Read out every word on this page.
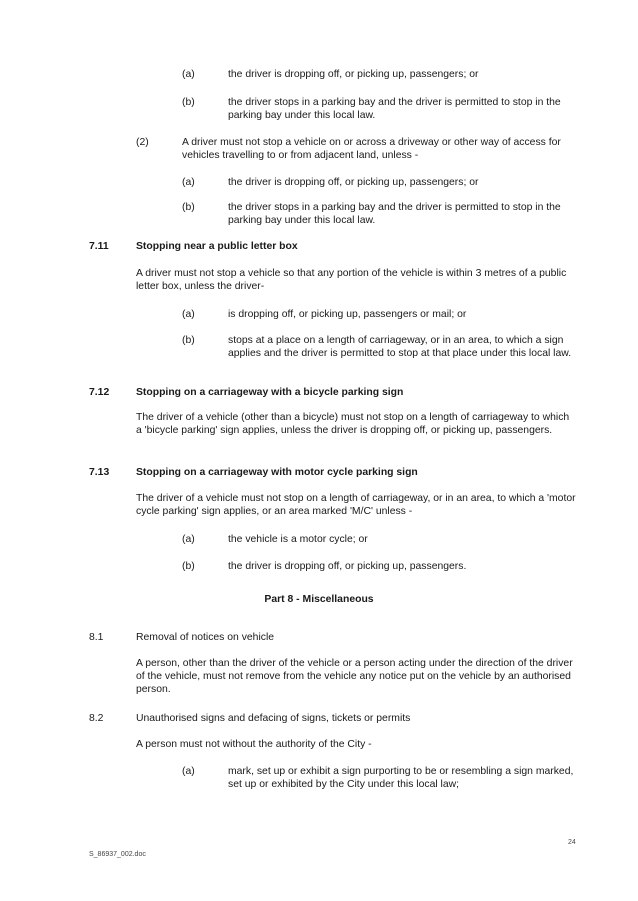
(a)	the driver is dropping off, or picking up, passengers; or
(b)	the driver stops in a parking bay and the driver is permitted to stop in the parking bay under this local law.
(2)	A driver must not stop a vehicle on or across a driveway or other way of access for vehicles travelling to or from adjacent land, unless -
(a)	the driver is dropping off, or picking up, passengers; or
(b)	the driver stops in a parking bay and the driver is permitted to stop in the parking bay under this local law.
7.11	Stopping near a public letter box
A driver must not stop a vehicle so that any portion of the vehicle is within 3 metres of a public letter box, unless the driver-
(a)	is dropping off, or picking up, passengers or mail; or
(b)	stops at a place on a length of carriageway, or in an area, to which a sign applies and the driver is permitted to stop at that place under this local law.
7.12	Stopping on a carriageway with a bicycle parking sign
The driver of a vehicle (other than a bicycle) must not stop on a length of carriageway to which a 'bicycle parking' sign applies, unless the driver is dropping off, or picking up, passengers.
7.13	Stopping on a carriageway with motor cycle parking sign
The driver of a vehicle must not stop on a length of carriageway, or in an area, to which a 'motor cycle parking' sign applies, or an area marked 'M/C' unless -
(a)	the vehicle is a motor cycle; or
(b)	the driver is dropping off, or picking up, passengers.
Part 8 - Miscellaneous
8.1	Removal of notices on vehicle
A person, other than the driver of the vehicle or a person acting under the direction of the driver of the vehicle, must not remove from the vehicle any notice put on the vehicle by an authorised person.
8.2	Unauthorised signs and defacing of signs, tickets or permits
A person must not without the authority of the City -
(a)	mark, set up or exhibit a sign purporting to be or resembling a sign marked, set up or exhibited by the City under this local law;
24
S_86937_002.doc
